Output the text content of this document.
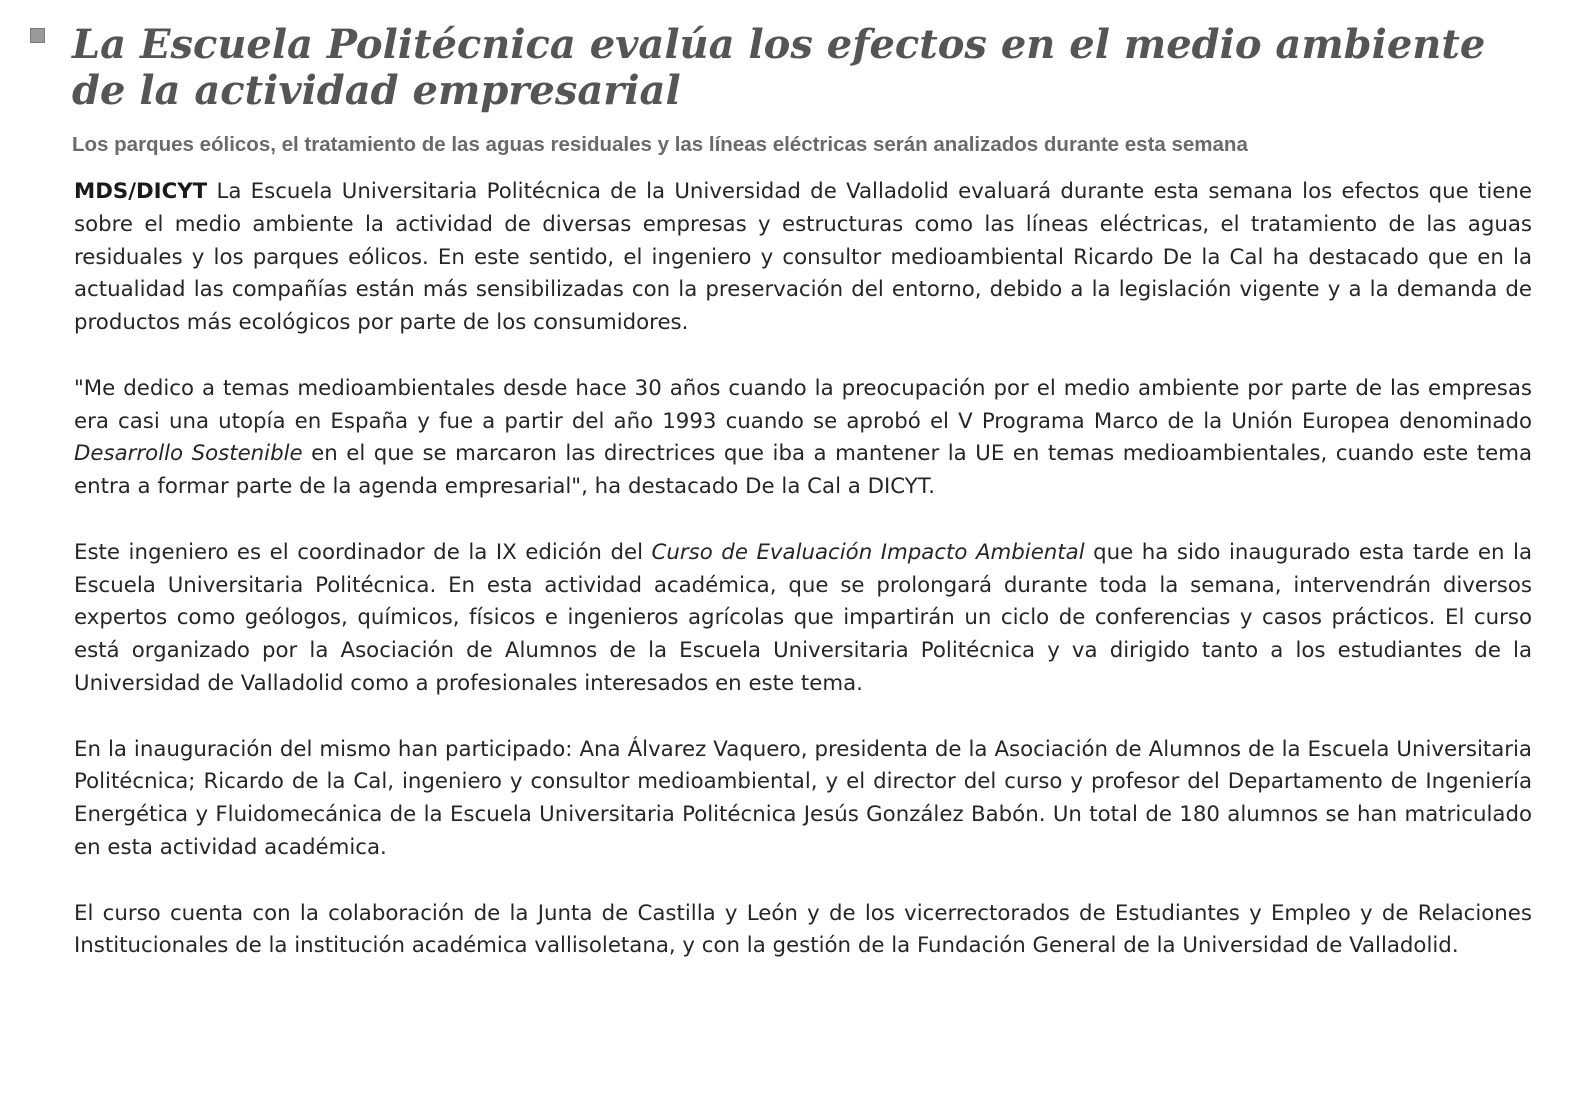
La Escuela Politécnica evalúa los efectos en el medio ambiente de la actividad empresarial
Los parques eólicos, el tratamiento de las aguas residuales y las líneas eléctricas serán analizados durante esta semana

MDS/DICYT La Escuela Universitaria Politécnica de la Universidad de Valladolid evaluará durante esta semana los efectos que tiene sobre el medio ambiente la actividad de diversas empresas y estructuras como las líneas eléctricas, el tratamiento de las aguas residuales y los parques eólicos. En este sentido, el ingeniero y consultor medioambiental Ricardo De la Cal ha destacado que en la actualidad las compañías están más sensibilizadas con la preservación del entorno, debido a la legislación vigente y a la demanda de productos más ecológicos por parte de los consumidores.

"Me dedico a temas medioambientales desde hace 30 años cuando la preocupación por el medio ambiente por parte de las empresas era casi una utopía en España y fue a partir del año 1993 cuando se aprobó el V Programa Marco de la Unión Europea denominado Desarrollo Sostenible en el que se marcaron las directrices que iba a mantener la UE en temas medioambientales, cuando este tema entra a formar parte de la agenda empresarial", ha destacado De la Cal a DICYT.

Este ingeniero es el coordinador de la IX edición del Curso de Evaluación Impacto Ambiental que ha sido inaugurado esta tarde en la Escuela Universitaria Politécnica. En esta actividad académica, que se prolongará durante toda la semana, intervendrán diversos expertos como geólogos, químicos, físicos e ingenieros agrícolas que impartirán un ciclo de conferencias y casos prácticos. El curso está organizado por la Asociación de Alumnos de la Escuela Universitaria Politécnica y va dirigido tanto a los estudiantes de la Universidad de Valladolid como a profesionales interesados en este tema.

En la inauguración del mismo han participado: Ana Álvarez Vaquero, presidenta de la Asociación de Alumnos de la Escuela Universitaria Politécnica; Ricardo de la Cal, ingeniero y consultor medioambiental, y el director del curso y profesor del Departamento de Ingeniería Energética y Fluidomecánica de la Escuela Universitaria Politécnica Jesús González Babón. Un total de 180 alumnos se han matriculado en esta actividad académica.

El curso cuenta con la colaboración de la Junta de Castilla y León y de los vicerrectorados de Estudiantes y Empleo y de Relaciones Institucionales de la institución académica vallisoletana, y con la gestión de la Fundación General de la Universidad de Valladolid.
